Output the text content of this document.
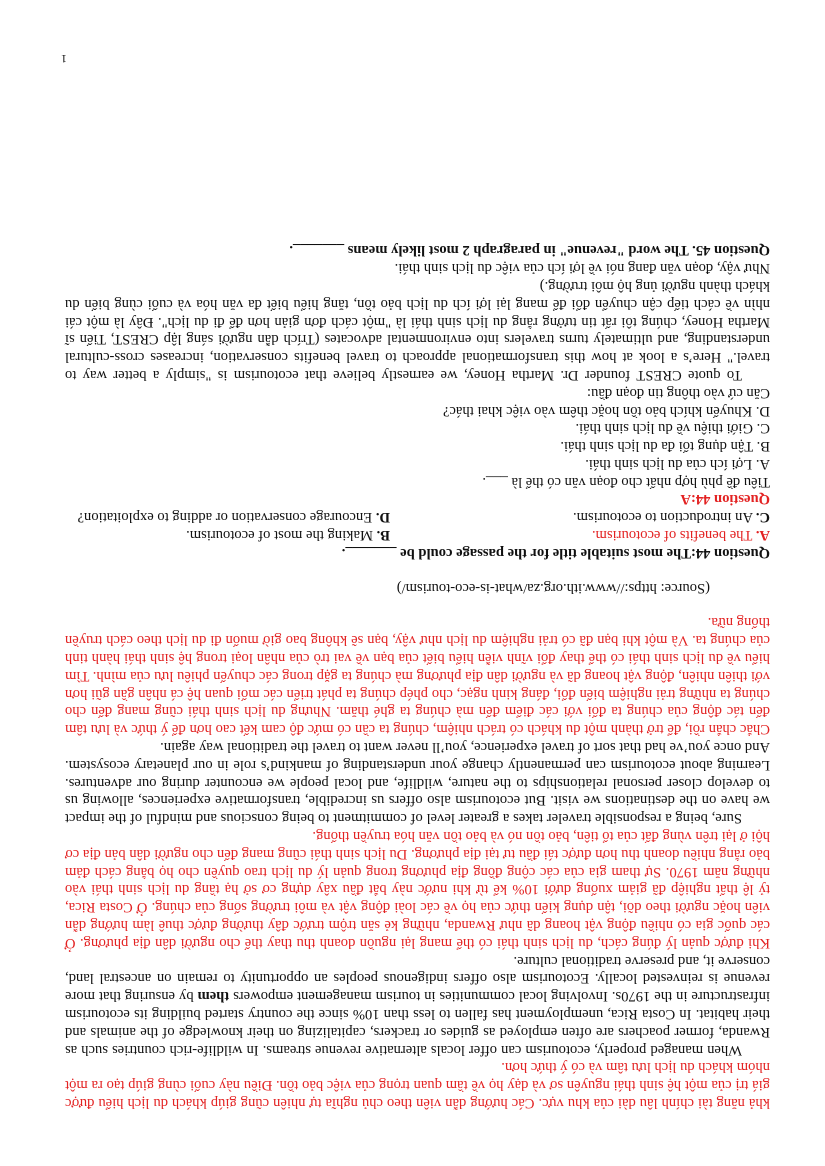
khả năng tài chính lâu dài của khu vực. Các hướng dẫn viên theo chủ nghĩa tự nhiên cũng giúp khách du lịch hiểu được giá trị của một hệ sinh thái nguyên sơ và dạy họ về tầm quan trọng của việc bảo tồn. Điều này cuối cùng giúp tạo ra một nhóm khách du lịch lưu tâm và có ý thức hơn.

When managed properly, ecotourism can offer locals alternative revenue streams. In wildlife-rich countries such as Rwanda, former poachers are often employed as guides or trackers, capitalizing on their knowledge of the animals and their habitat. In Costa Rica, unemployment has fallen to less than 10% since the country started building its ecotourism infrastructure in the 1970s. Involving local communities in tourism management empowers them by ensuring that more revenue is reinvested locally. Ecotourism also offers indigenous peoples an opportunity to remain on ancestral land, conserve it, and preserve traditional culture.

Khi được quản lý đúng cách, du lịch sinh thái có thể mang lại nguồn doanh thu thay thế cho người dân địa phương. Ở các quốc gia có nhiều động vật hoang dã như Rwanda, những kẻ săn trộm trước đây thường được thuê làm hướng dẫn viên hoặc người theo dõi, tận dụng kiến thức của họ về các loài động vật và môi trường sống của chúng. Ở Costa Rica, tỷ lệ thất nghiệp đã giảm xuống dưới 10% kể từ khi nước này bắt đầu xây dựng cơ sở hạ tầng du lịch sinh thái vào những năm 1970. Sự tham gia của các cộng đồng địa phương trong quản lý du lịch trao quyền cho họ bằng cách đảm bảo rằng nhiều doanh thu hơn được tái đầu tư tại địa phương. Du lịch sinh thái cũng mang đến cho người dân bản địa cơ hội ở lại trên vùng đất của tổ tiên, bảo tồn nó và bảo tồn văn hóa truyền thống.

Sure, being a responsible traveler takes a greater level of commitment to being conscious and mindful of the impact we have on the destinations we visit. But ecotourism also offers us incredible, transformative experiences, allowing us to develop closer personal relationships to the nature, wildlife, and local people we encounter during our adventures. Learning about ecotourism can permanently change your understanding of mankind’s role in our planetary ecosystem. And once you’ve had that sort of travel experience, you’ll never want to travel the traditional way again.

Chắc chắn rồi, để trở thành một du khách có trách nhiệm, chúng ta cần có mức độ cam kết cao hơn để ý thức và lưu tâm đến tác động của chúng ta đối với các điểm đến mà chúng ta ghé thăm. Nhưng du lịch sinh thái cũng mang đến cho chúng ta những trải nghiệm biến đổi, đáng kinh ngạc, cho phép chúng ta phát triển các mối quan hệ cá nhân gần gũi hơn với thiên nhiên, động vật hoang dã và người dân địa phương mà chúng ta gặp trong các chuyến phiêu lưu của mình. Tìm hiểu về du lịch sinh thái có thể thay đổi vĩnh viễn hiểu biết của bạn về vai trò của nhân loại trong hệ sinh thái hành tinh của chúng ta. Và một khi bạn đã có trải nghiệm du lịch như vậy, bạn sẽ không bao giờ muốn đi du lịch theo cách truyền thống nữa.

(Source: https://www.ith.org.za/what-is-eco-tourism/)

Question 44:The most suitable title for the passage could be _______.

A. The benefits of ecotourism.
B. Making the most of ecotourism.
C. An introduction to ecotourism.
D. Encourage conservation or adding to exploitation?

Question 44:A

Tiêu đề phù hợp nhất cho đoạn văn có thể là ___.

A. Lợi ích của du lịch sinh thái.

B. Tận dụng tối đa du lịch sinh thái.

C. Giới thiệu về du lịch sinh thái.

D. Khuyến khích bảo tồn hoặc thêm vào việc khai thác?

Căn cứ vào thông tin đoạn đầu:

To quote CREST founder Dr. Martha Honey, we earnestly believe that ecotourism is "simply a better way to travel." Here’s a look at how this transformational approach to travel benefits conservation, increases cross-cultural understanding, and ultimately turns travelers into environmental advocates (Trích dẫn người sáng lập CREST, Tiến sĩ Martha Honey, chúng tôi rất tin tưởng rằng du lịch sinh thái là "một cách đơn giản hơn để đi du lịch". Đây là một cái nhìn về cách tiếp cận chuyển đổi để mang lại lợi ích du lịch bảo tồn, tăng hiểu biết đa văn hóa và cuối cùng biến du khách thành người ủng hộ môi trường.)

Như vậy, đoạn văn đang nói về lợi ích của việc du lịch sinh thái.

Question 45. The word "revenue" in paragraph 2 most likely means _______.

1
